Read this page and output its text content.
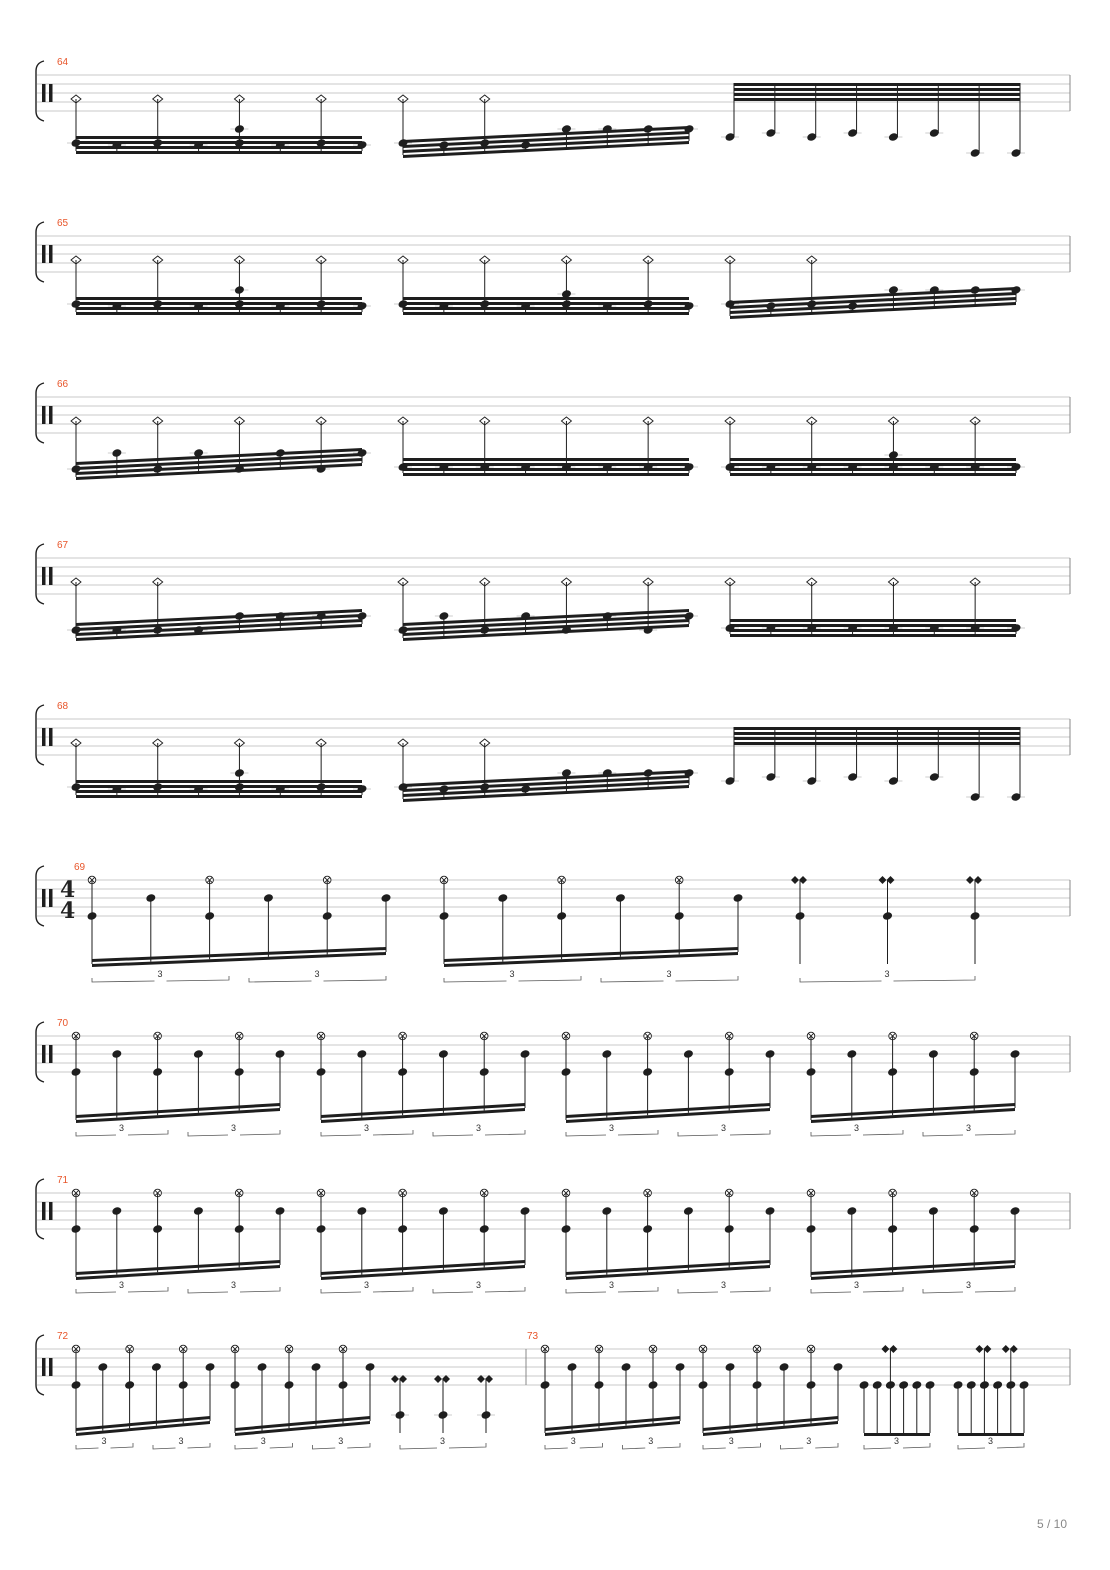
64
65
66
67
68
69
4
4
3	3	3	3	3
70
3	3	3	3	3	3	3	3
71
3	3	3	3	3	3	3	3
72	73
3	3	3	3	3	3	3	3	3	3	3
5 / 10
